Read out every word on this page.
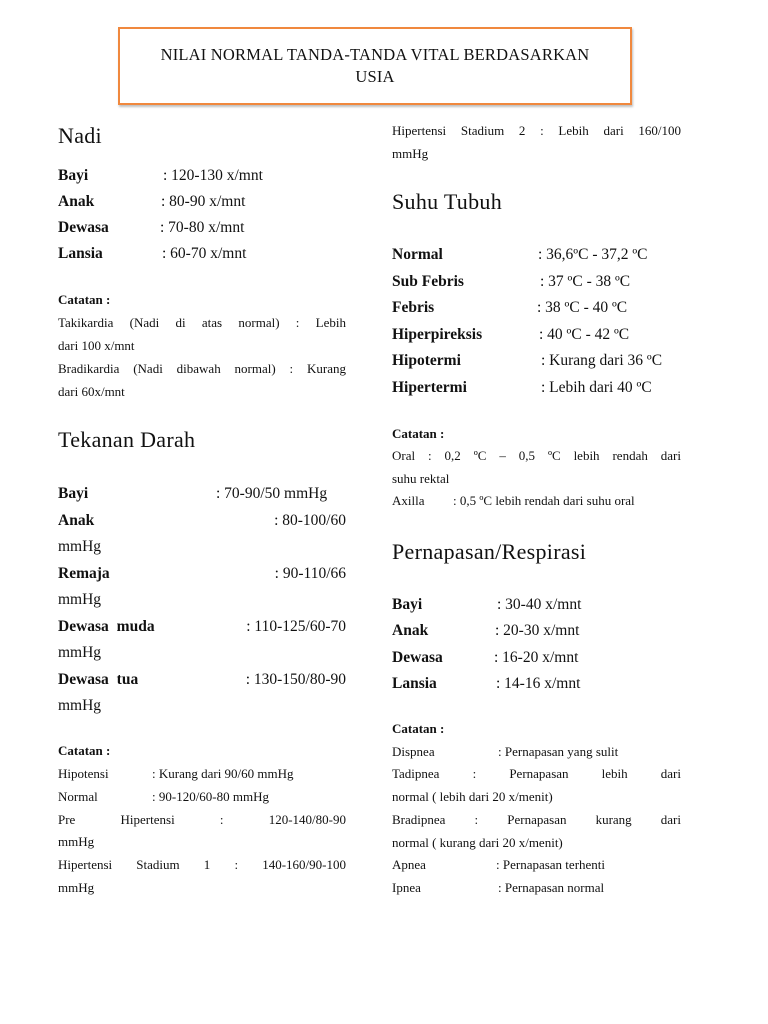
NILAI NORMAL TANDA-TANDA VITAL BERDASARKAN
USIA
Nadi
Bayi	: 120-130 x/mnt
Anak	: 80-90 x/mnt
Dewasa	: 70-80 x/mnt
Lansia	: 60-70 x/mnt
Catatan :
Takikardia (Nadi di atas normal) : Lebih
dari 100 x/mnt
Bradikardia (Nadi dibawah normal) : Kurang
dari 60x/mnt
Tekanan Darah
Bayi	: 70-90/50 mmHg
Anak	: 80-100/60
mmHg
Remaja	: 90-110/66
mmHg
Dewasa muda	: 110-125/60-70
mmHg
Dewasa tua	: 130-150/80-90
mmHg
Catatan :
Hipotensi	: Kurang dari 90/60 mmHg
Normal	: 90-120/60-80 mmHg
Pre Hipertensi : 120-140/80-90
mmHg
Hipertensi Stadium 1 : 140-160/90-100
mmHg
Hipertensi Stadium 2 : Lebih dari 160/100
mmHg
Suhu Tubuh
Normal	: 36,6ºC - 37,2 ºC
Sub Febris	: 37 ºC - 38 ºC
Febris	: 38 ºC - 40 ºC
Hiperpireksis	: 40 ºC - 42 ºC
Hipotermi	: Kurang dari 36 ºC
Hipertermi	: Lebih dari 40 ºC
Catatan :
Oral : 0,2 ºC – 0,5 ºC lebih rendah dari
suhu rektal
Axilla : 0,5 ºC lebih rendah dari suhu oral
Pernapasan/Respirasi
Bayi	: 30-40 x/mnt
Anak	: 20-30 x/mnt
Dewasa	: 16-20 x/mnt
Lansia	: 14-16 x/mnt
Catatan :
Dispnea	: Pernapasan yang sulit
Tadipnea : Pernapasan lebih dari
normal ( lebih dari 20 x/menit)
Bradipnea : Pernapasan kurang dari
normal ( kurang dari 20 x/menit)
Apnea	: Pernapasan terhenti
Ipnea	: Pernapasan normal
